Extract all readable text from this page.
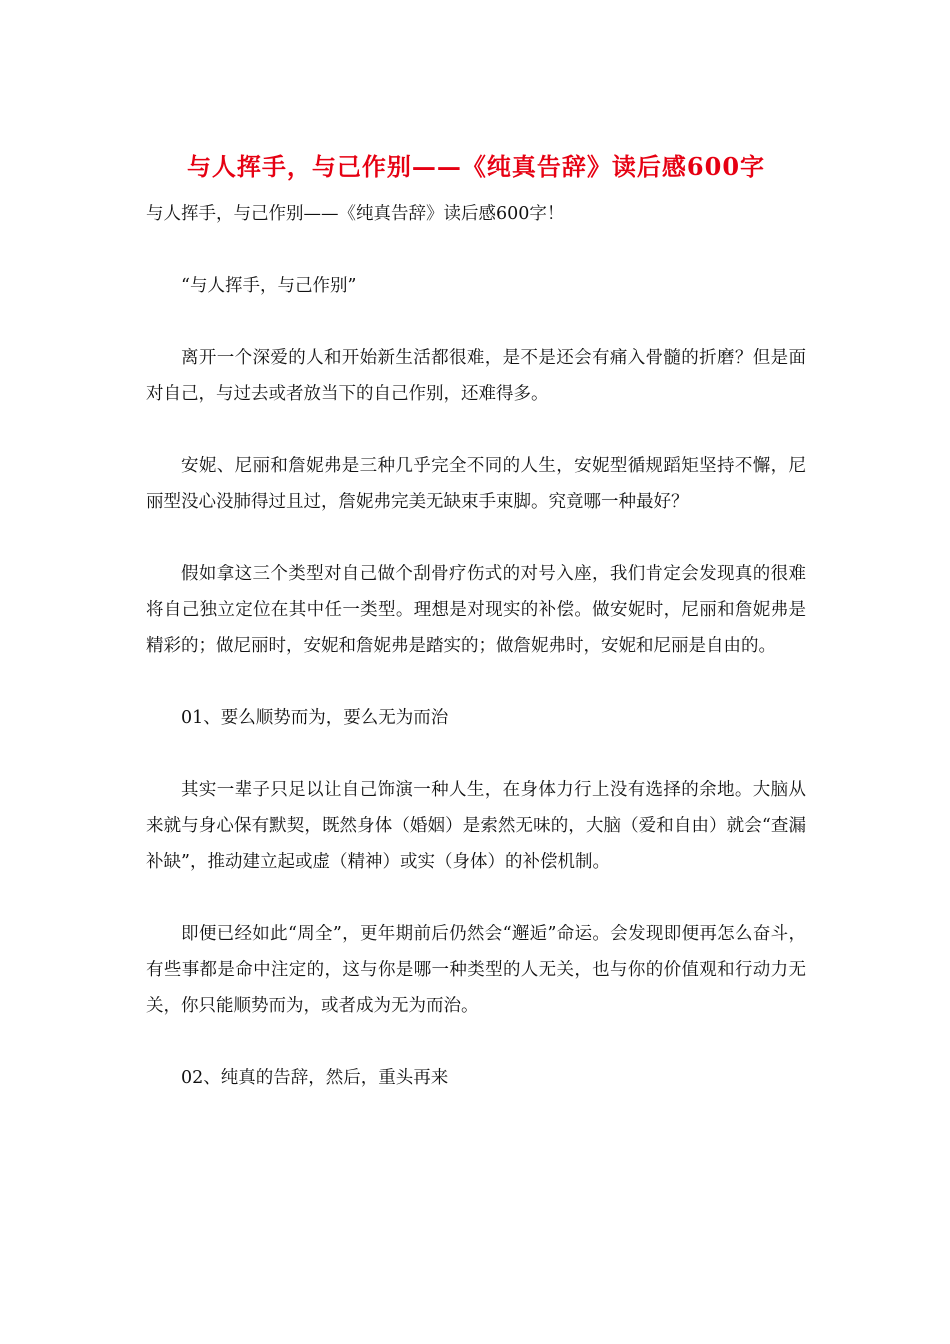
与人挥手，与己作别——《纯真告辞》读后感600字

与人挥手，与己作别——《纯真告辞》读后感600字！

“与人挥手，与己作别”

离开一个深爱的人和开始新生活都很难，是不是还会有痛入骨髓的折磨？但是面对自己，与过去或者放当下的自己作别，还难得多。

安妮、尼丽和詹妮弗是三种几乎完全不同的人生，安妮型循规蹈矩坚持不懈，尼丽型没心没肺得过且过，詹妮弗完美无缺束手束脚。究竟哪一种最好？

假如拿这三个类型对自己做个刮骨疗伤式的对号入座，我们肯定会发现真的很难将自己独立定位在其中任一类型。理想是对现实的补偿。做安妮时，尼丽和詹妮弗是精彩的；做尼丽时，安妮和詹妮弗是踏实的；做詹妮弗时，安妮和尼丽是自由的。

01、要么顺势而为，要么无为而治

其实一辈子只足以让自己饰演一种人生，在身体力行上没有选择的余地。大脑从来就与身心保有默契，既然身体（婚姻）是索然无味的，大脑（爱和自由）就会“查漏补缺”，推动建立起或虚（精神）或实（身体）的补偿机制。

即便已经如此“周全”，更年期前后仍然会“邂逅”命运。会发现即便再怎么奋斗，有些事都是命中注定的，这与你是哪一种类型的人无关，也与你的价值观和行动力无关，你只能顺势而为，或者成为无为而治。

02、纯真的告辞，然后，重头再来
